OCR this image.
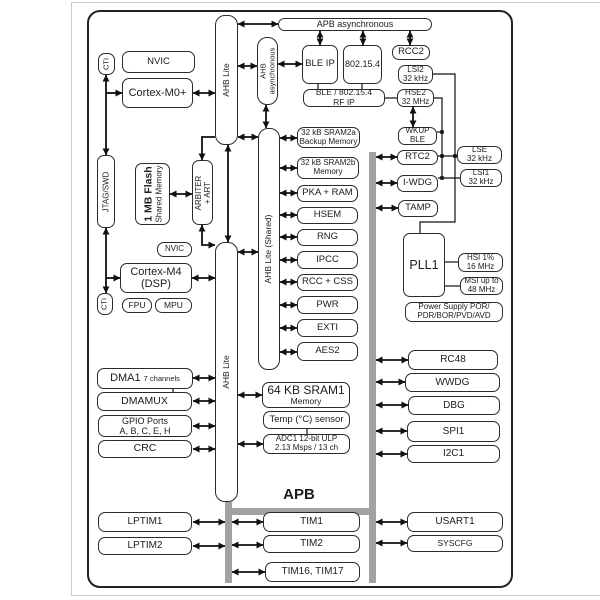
APB asynchronous
AHB Lite	AHB asynchronous
AHB Lite (Shared)
AHB Lite
APB
CTI	NVIC
Cortex-M0+
JTAG/SWD	1 MB Flash Shared Memory	ARBITER + ART
NVIC
Cortex-M4
(DSP)
CTI FPU MPU
BLE IP 802.15.4
RCC2
BLE / 802.15.4
RF IP
LSI2
32 kHz
HSE2
32 MHz
WKUP
BLE
RTC2
LSE
32 kHz
I-WDG
LSI1
32 kHz
TAMP
PLL1
HSI 1%
16 MHz
MSI up to
48 MHz
Power Supply POR/
PDR/BOR/PVD/AVD
32 kB SRAM2a
Backup Memory
32 kB SRAM2b
Memory
PKA + RAM
HSEM
RNG
IPCC
RCC + CSS
PWR
EXTI
AES2
64 KB SRAM1
Memory
Temp (°C) sensor
ADC1 12-bit ULP
2.13 Msps / 13 ch
DMA1 7 channels
DMAMUX
GPIO Ports
A, B, C, E, H
CRC
RC48
WWDG
DBG
SPI1
I2C1
LPTIM1
LPTIM2
TIM1
TIM2
TIM16, TIM17
USART1
SYSCFG
